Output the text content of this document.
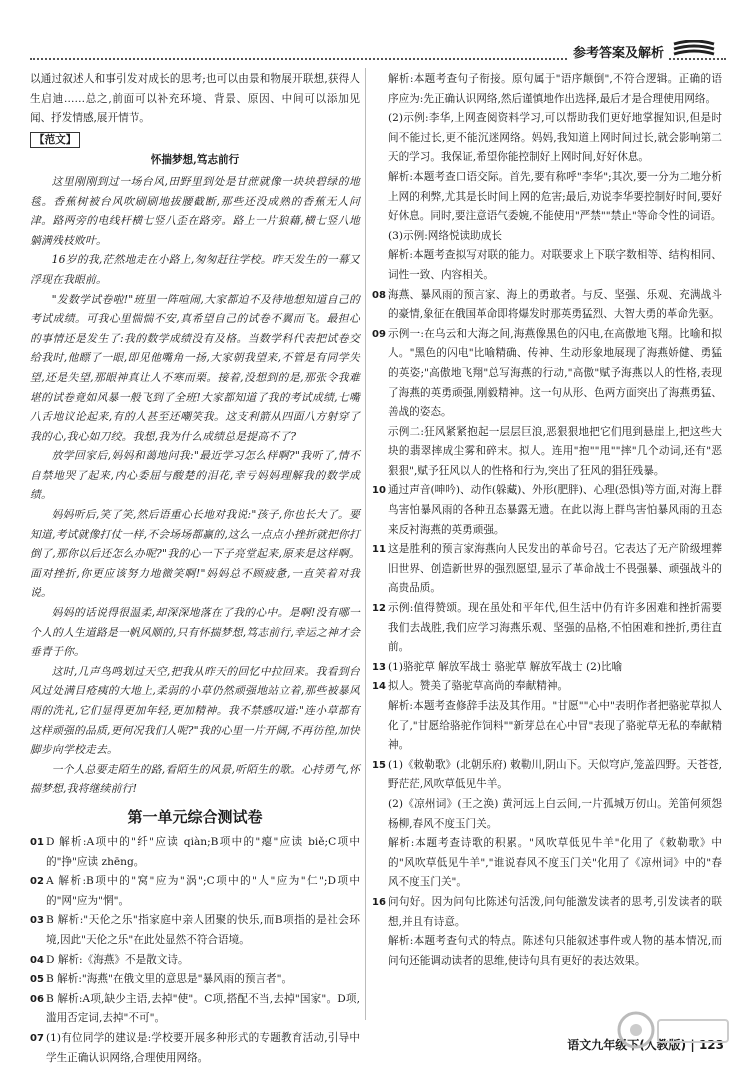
参考答案及解析

以通过叙述人和事引发对成长的思考;也可以由景和物展开联想,获得人生启迪……总之,前面可以补充环境、背景、原因、中间可以添加见闻、抒发情感,展开情节。

【范文】
怀揣梦想,笃志前行

这里刚刚到过一场台风,田野里到处是甘蔗就像一块块碧绿的地毯。香蕉树被台风吹刷刷地拔腰截断,那些还没成熟的香蕉无人问津。路两旁的电线杆横七竖八歪在路旁。路上一片狼藉,横七竖八地躺满残枝败叶。

16岁的我,茫然地走在小路上,匆匆赶往学校。昨天发生的一幕又浮现在我眼前。

"发数学试卷啦!"班里一阵喧闹,大家都迫不及待地想知道自己的考试成绩。可我心里惴惴不安,真希望自己的试卷不翼而飞。最担心的事情还是发生了:我的数学成绩没有及格。当数学科代表把试卷交给我时,他瞟了一眼,即见他嘴角一扬,大家朝我望来,不管是有同学失望,还是失望,那眼神真让人不寒而栗。接着,没想到的是,那张令我难堪的试卷竟如风暴一般飞到了全班!大家都知道了我的考试成绩,七嘴八舌地议论起来,有的人甚至还嘲笑我。这支利箭从四面八方射穿了我的心,我心如刀绞。我想,我为什么成绩总是提高不了?

放学回家后,妈妈和蔼地问我:"最近学习怎么样啊?"我听了,情不自禁地哭了起来,内心委屈与酸楚的泪花,幸亏妈妈理解我的数学成绩。

妈妈听后,笑了笑,然后语重心长地对我说:"孩子,你也长大了。要知道,考试就像打仗一样,不会场场都赢的,这么一点点小挫折就把你打倒了,那你以后还怎么办呢?"我的心一下子亮堂起来,原来是这样啊。面对挫折,你更应该努力地微笑啊!"妈妈总不顾疲惫,一直笑着对我说。

妈妈的话说得很温柔,却深深地落在了我的心中。是啊!没有哪一个人的人生道路是一帆风顺的,只有怀揣梦想,笃志前行,幸运之神才会垂青于你。

这时,几声鸟鸣划过天空,把我从昨天的回忆中拉回来。我看到台风过处满目疮痍的大地上,柔弱的小草仍然顽强地站立着,那些被暴风雨的洗礼,它们显得更加年轻,更加精神。我不禁感叹道:"连小草都有这样顽强的品质,更何况我们人呢?"我的心里一片开阔,不再彷徨,加快脚步向学校走去。

一个人总要走陌生的路,看陌生的风景,听陌生的歌。心持勇气,怀揣梦想,我将继续前行!

第一单元综合测试卷

01 D 解析:A项中的"纤"应读 qiàn;B项中的"瘪"应读 biě;C项中的"挣"应读 zhēng。

02 A 解析:B项中的"窝"应为"涡";C项中的"人"应为"仁";D项中的"网"应为"惘"。

03 B 解析:"天伦之乐"指家庭中亲人团聚的快乐,而B项指的是社会环境,因此"天伦之乐"在此处显然不符合语境。

04 D 解析:《海燕》不是散文诗。

05 B 解析:"海燕"在俄文里的意思是"暴风雨的预言者"。

06 B 解析:A项,缺少主语,去掉"使"。C项,搭配不当,去掉"国家"。D项,滥用否定词,去掉"不可"。

07 (1)有位同学的建议是:学校要开展多种形式的专题教育活动,引导中学生正确认识网络,合理使用网络。

解析:本题考查句子衔接。原句属于"语序颠倒",不符合逻辑。正确的语序应为:先正确认识网络,然后谨慎地作出选择,最后才是合理使用网络。

(2)示例:李华,上网查阅资料学习,可以帮助我们更好地掌握知识,但是时间不能过长,更不能沉迷网络。妈妈,我知道上网时间过长,就会影响第二天的学习。我保证,希望你能控制好上网时间,好好休息。

解析:本题考查口语交际。首先,要有称呼"李华";其次,要一分为二地分析上网的利弊,尤其是长时间上网的危害;最后,劝说李华要控制好时间,要好好休息。同时,要注意语气委婉,不能使用"严禁""禁止"等命令性的词语。

(3)示例:网络悦读助成长

解析:本题考查拟写对联的能力。对联要求上下联字数相等、结构相同、词性一致、内容相关。

08 海燕、暴风雨的预言家、海上的勇敢者。与反、坚强、乐观、充满战斗的豪情,象征在俄国革命即将爆发时那英勇猛烈、大智大勇的革命先驱。

09 示例一:在乌云和大海之间,海燕像黑色的闪电,在高傲地飞翔。比喻和拟人。"黑色的闪电"比喻精确、传神、生动形象地展现了海燕娇健、勇猛的英姿;"高傲地飞翔"总写海燕的行动,"高傲"赋予海燕以人的性格,表现了海燕的英勇顽强,刚毅精神。这一句从形、色两方面突出了海燕勇猛、善战的姿态。

示例二:狂风紧紧抱起一层层巨浪,恶狠狠地把它们甩到悬崖上,把这些大块的翡翠摔成尘雾和碎末。拟人。连用"抱""甩""摔"几个动词,还有"恶狠狠",赋予狂风以人的性格和行为,突出了狂风的猖狂残暴。

10 通过声音(呻吟)、动作(躲藏)、外形(肥胖)、心理(恐惧)等方面,对海上群鸟害怕暴风雨的各种丑态暴露无遗。在此以海上群鸟害怕暴风雨的丑态来反衬海燕的英勇顽强。

11 这是胜利的预言家海燕向人民发出的革命号召。它表达了无产阶级埋葬旧世界、创造新世界的强烈愿望,显示了革命战士不畏强暴、顽强战斗的高贵品质。

12 示例:值得赞颂。现在虽处和平年代,但生活中仍有许多困难和挫折需要我们去战胜,我们应学习海燕乐观、坚强的品格,不怕困难和挫折,勇往直前。

13 (1)骆驼草 解放军战士 骆驼草 解放军战士 (2)比喻

14 拟人。赞美了骆驼草高尚的奉献精神。

解析:本题考查修辞手法及其作用。"甘愿""心中"表明作者把骆驼草拟人化了,"甘愿给骆驼作饲料""新芽总在心中冒"表现了骆驼草无私的奉献精神。

15 (1)《敕勒歌》(北朝乐府) 敕勒川,阴山下。天似穹庐,笼盖四野。天苍苍,野茫茫,风吹草低见牛羊。

(2)《凉州词》(王之涣) 黄河远上白云间,一片孤城万仞山。羌笛何须怨杨柳,春风不度玉门关。

解析:本题考查诗歌的积累。"风吹草低见牛羊"化用了《敕勒歌》中的"风吹草低见牛羊","谁说春风不度玉门关"化用了《凉州词》中的"春风不度玉门关"。

16 问句好。因为问句比陈述句活泼,问句能激发读者的思考,引发读者的联想,并且有诗意。

解析:本题考查句式的特点。陈述句只能叙述事件或人物的基本情况,而问句还能调动读者的思维,使诗句具有更好的表达效果。

语文九年级下(人教版) | 123
